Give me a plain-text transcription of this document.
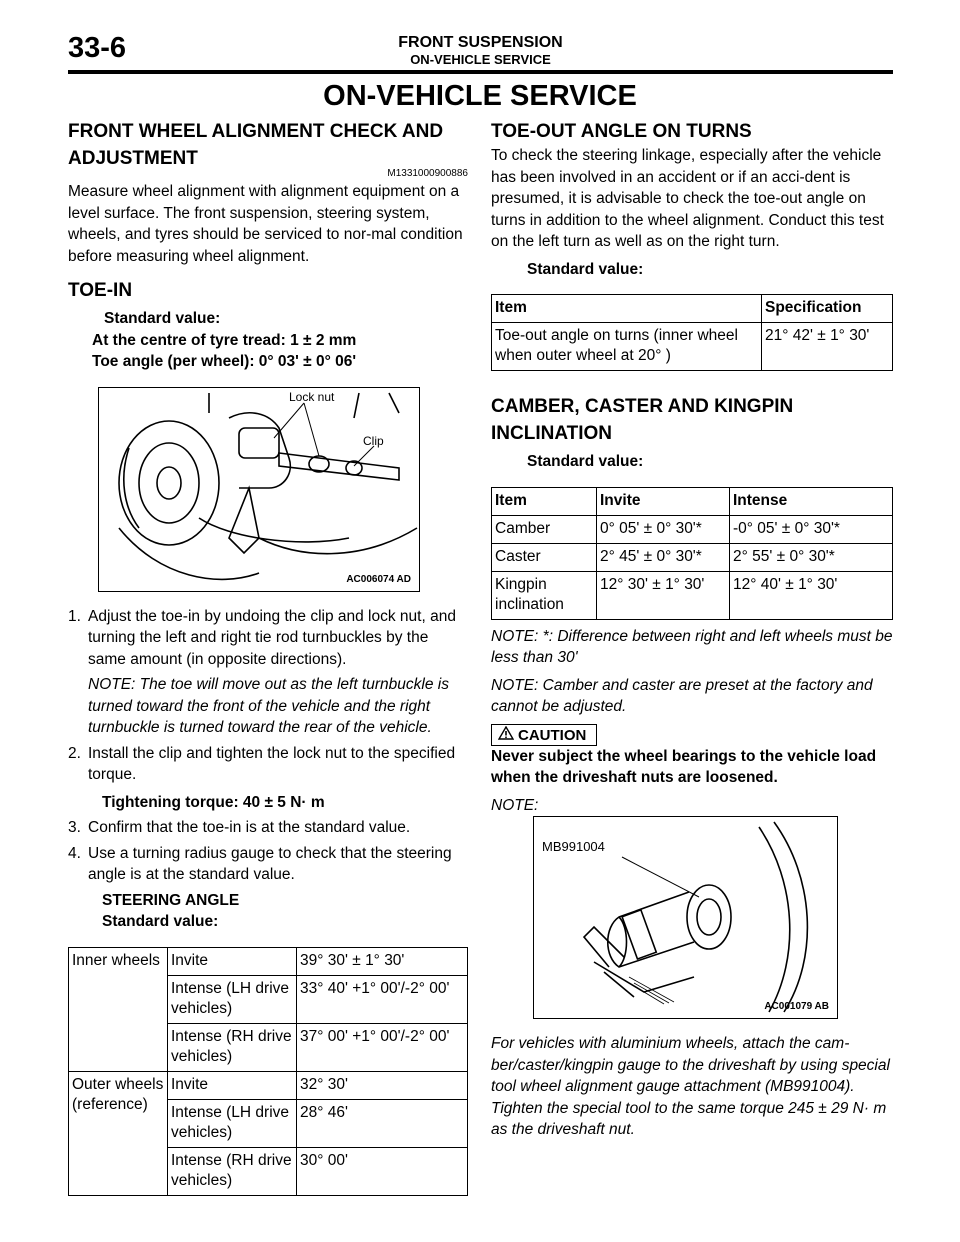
33-6	FRONT SUSPENSION
ON-VEHICLE SERVICE
ON-VEHICLE SERVICE
FRONT WHEEL ALIGNMENT CHECK AND ADJUSTMENT
M1331000900886

Measure wheel alignment with alignment equipment on a level surface. The front suspension, steering system, wheels, and tyres should be serviced to nor-mal condition before measuring wheel alignment.

TOE-IN

Standard value:

At the centre of tyre tread: 1 ± 2 mm

Toe angle (per wheel): 0° 03' ± 0° 06'

Lock nut
Clip
AC006074 AD
1. Adjust the toe-in by undoing the clip and lock nut, and turning the left and right tie rod turnbuckles by the same amount (in opposite directions).

NOTE: The toe will move out as the left turnbuckle is turned toward the front of the vehicle and the right turnbuckle is turned toward the rear of the vehicle.

2. Install the clip and tighten the lock nut to the specified torque.

Tightening torque: 40 ± 5 N· m

3. Confirm that the toe-in is at the standard value.
4. Use a turning radius gauge to check that the steering angle is at the standard value.

STEERING ANGLE

Standard value:

Inner wheels	Invite	39° 30' ± 1° 30'
	Intense (LH drive vehicles)	33° 40' +1° 00'/-2° 00'
	Intense (RH drive vehicles)	37° 00' +1° 00'/-2° 00'
Outer wheels (reference)	Invite	32° 30'
	Intense (LH drive vehicles)	28° 46'
	Intense (RH drive vehicles)	30° 00'
TOE-OUT ANGLE ON TURNS

To check the steering linkage, especially after the vehicle has been involved in an accident or if an acci-dent is presumed, it is advisable to check the toe-out angle on turns in addition to the wheel alignment. Conduct this test on the left turn as well as on the right turn.

Standard value:

Item	Specification
Toe-out angle on turns (inner wheel when outer wheel at 20° )	21° 42' ± 1° 30'
CAMBER, CASTER AND KINGPIN INCLINATION

Standard value:

Item	Invite	Intense
Camber	0° 05' ± 0° 30'*	-0° 05' ± 0° 30'*
Caster	2° 45' ± 0° 30'*	2° 55' ± 0° 30'*
Kingpin inclination	12° 30' ± 1° 30'	12° 40' ± 1° 30'

NOTE: *: Difference between right and left wheels must be less than 30'

NOTE: Camber and caster are preset at the factory and cannot be adjusted.

CAUTION

Never subject the wheel bearings to the vehicle load when the driveshaft nuts are loosened.

NOTE:

MB991004
AC001079 AB

For vehicles with aluminium wheels, attach the cam-ber/caster/kingpin gauge to the driveshaft by using special tool wheel alignment gauge attachment (MB991004). Tighten the special tool to the same torque 245 ± 29 N· m as the driveshaft nut.
